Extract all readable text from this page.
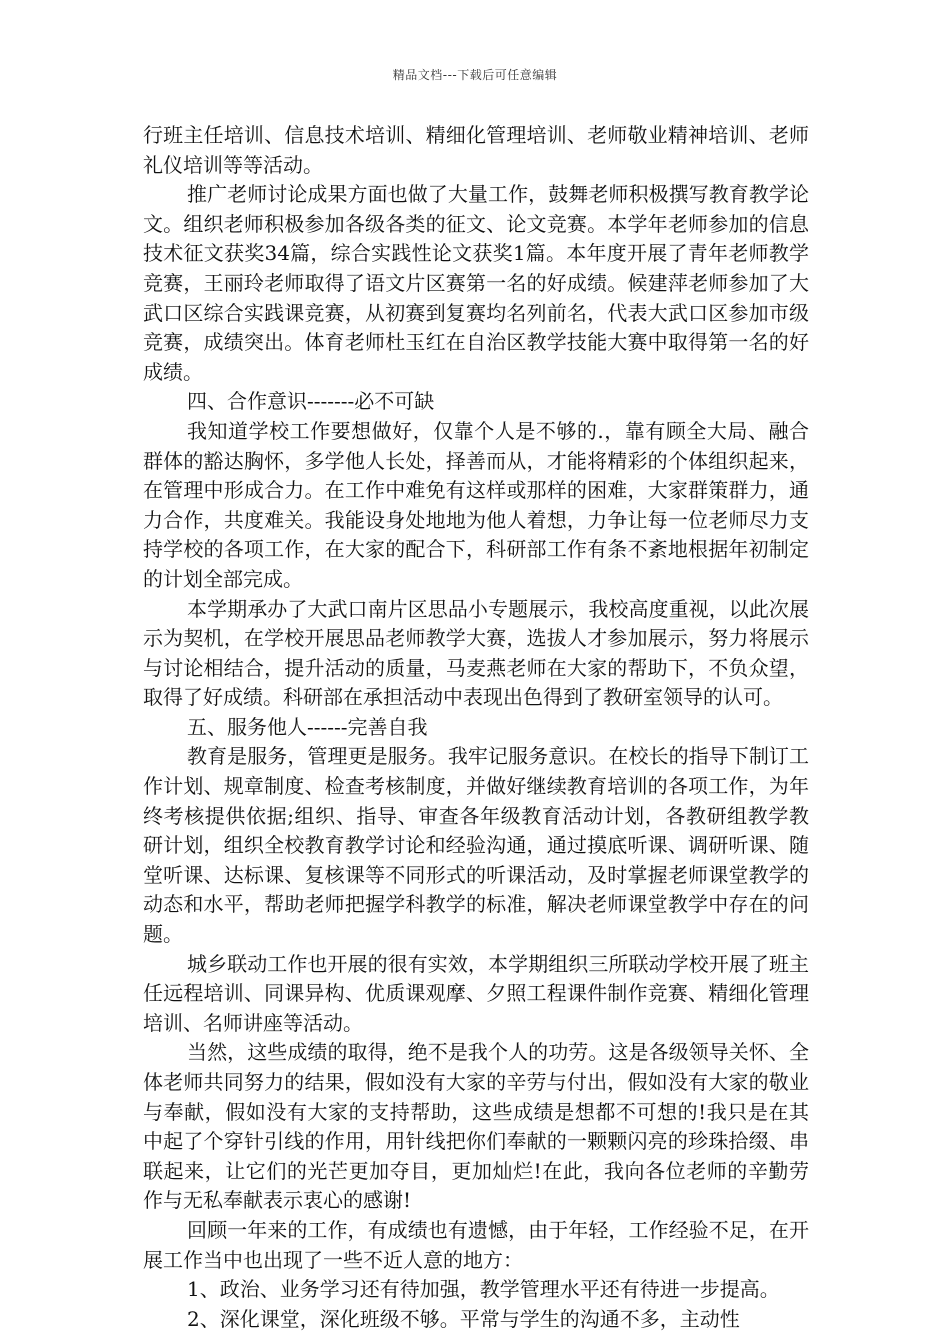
精品文档---下载后可任意编辑

行班主任培训、信息技术培训、精细化管理培训、老师敬业精神培训、老师礼仪培训等等活动。

推广老师讨论成果方面也做了大量工作，鼓舞老师积极撰写教育教学论文。组织老师积极参加各级各类的征文、论文竞赛。本学年老师参加的信息技术征文获奖34篇，综合实践性论文获奖1篇。本年度开展了青年老师教学竞赛，王丽玲老师取得了语文片区赛第一名的好成绩。候建萍老师参加了大武口区综合实践课竞赛，从初赛到复赛均名列前名，代表大武口区参加市级竞赛，成绩突出。体育老师杜玉红在自治区教学技能大赛中取得第一名的好成绩。

四、合作意识-------必不可缺

我知道学校工作要想做好，仅靠个人是不够的.，靠有顾全大局、融合群体的豁达胸怀，多学他人长处，择善而从，才能将精彩的个体组织起来，在管理中形成合力。在工作中难免有这样或那样的困难，大家群策群力，通力合作，共度难关。我能设身处地地为他人着想，力争让每一位老师尽力支持学校的各项工作，在大家的配合下，科研部工作有条不紊地根据年初制定的计划全部完成。

本学期承办了大武口南片区思品小专题展示，我校高度重视，以此次展示为契机，在学校开展思品老师教学大赛，选拔人才参加展示，努力将展示与讨论相结合，提升活动的质量，马麦燕老师在大家的帮助下，不负众望，取得了好成绩。科研部在承担活动中表现出色得到了教研室领导的认可。

五、服务他人------完善自我

教育是服务，管理更是服务。我牢记服务意识。在校长的指导下制订工作计划、规章制度、检查考核制度，并做好继续教育培训的各项工作，为年终考核提供依据;组织、指导、审查各年级教育活动计划，各教研组教学教研计划，组织全校教育教学讨论和经验沟通，通过摸底听课、调研听课、随堂听课、达标课、复核课等不同形式的听课活动，及时掌握老师课堂教学的动态和水平，帮助老师把握学科教学的标准，解决老师课堂教学中存在的问题。

城乡联动工作也开展的很有实效，本学期组织三所联动学校开展了班主任远程培训、同课异构、优质课观摩、夕照工程课件制作竞赛、精细化管理培训、名师讲座等活动。

当然，这些成绩的取得，绝不是我个人的功劳。这是各级领导关怀、全体老师共同努力的结果，假如没有大家的辛劳与付出，假如没有大家的敬业与奉献，假如没有大家的支持帮助，这些成绩是想都不可想的!我只是在其中起了个穿针引线的作用，用针线把你们奉献的一颗颗闪亮的珍珠拾缀、串联起来，让它们的光芒更加夺目，更加灿烂!在此，我向各位老师的辛勤劳作与无私奉献表示衷心的感谢!

回顾一年来的工作，有成绩也有遗憾，由于年轻，工作经验不足，在开展工作当中也出现了一些不近人意的地方：

1、政治、业务学习还有待加强，教学管理水平还有待进一步提高。

2、深化课堂，深化班级不够。平常与学生的沟通不多，主动性
